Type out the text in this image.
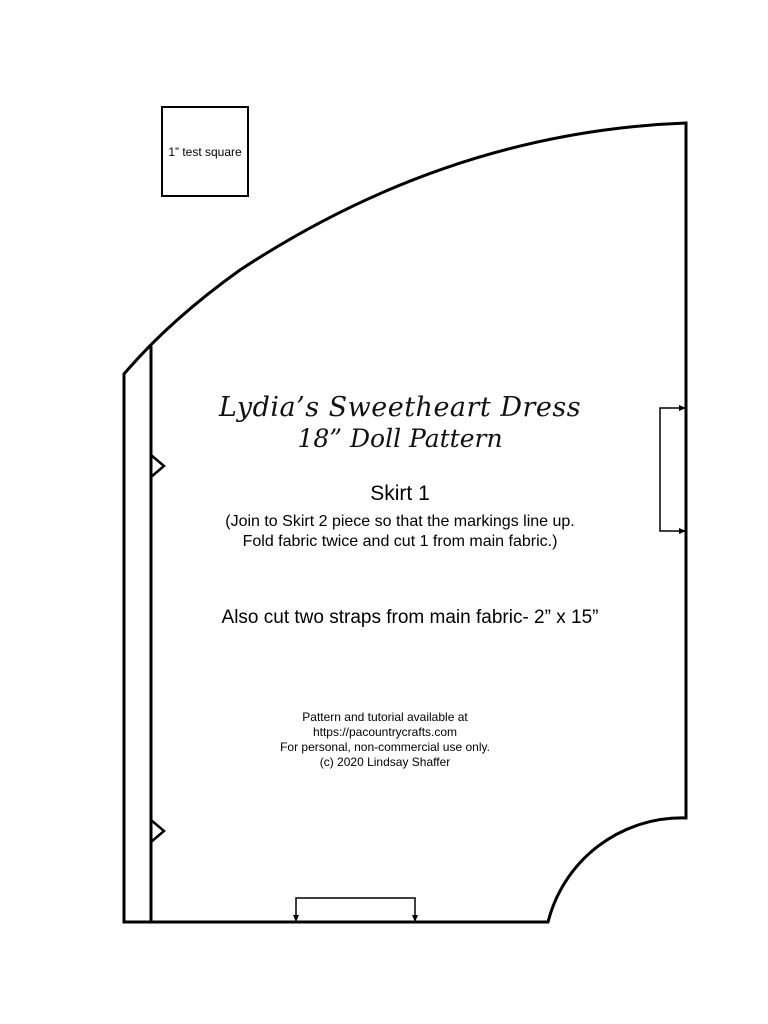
1” test square
Lydia’s Sweetheart Dress
18” Doll Pattern
Skirt 1
(Join to Skirt 2 piece so that the markings line up.
Fold fabric twice and cut 1 from main fabric.)
Also cut two straps from main fabric- 2” x 15”
Pattern and tutorial available at
https://pacountrycrafts.com
For personal, non-commercial use only.
(c) 2020 Lindsay Shaffer
